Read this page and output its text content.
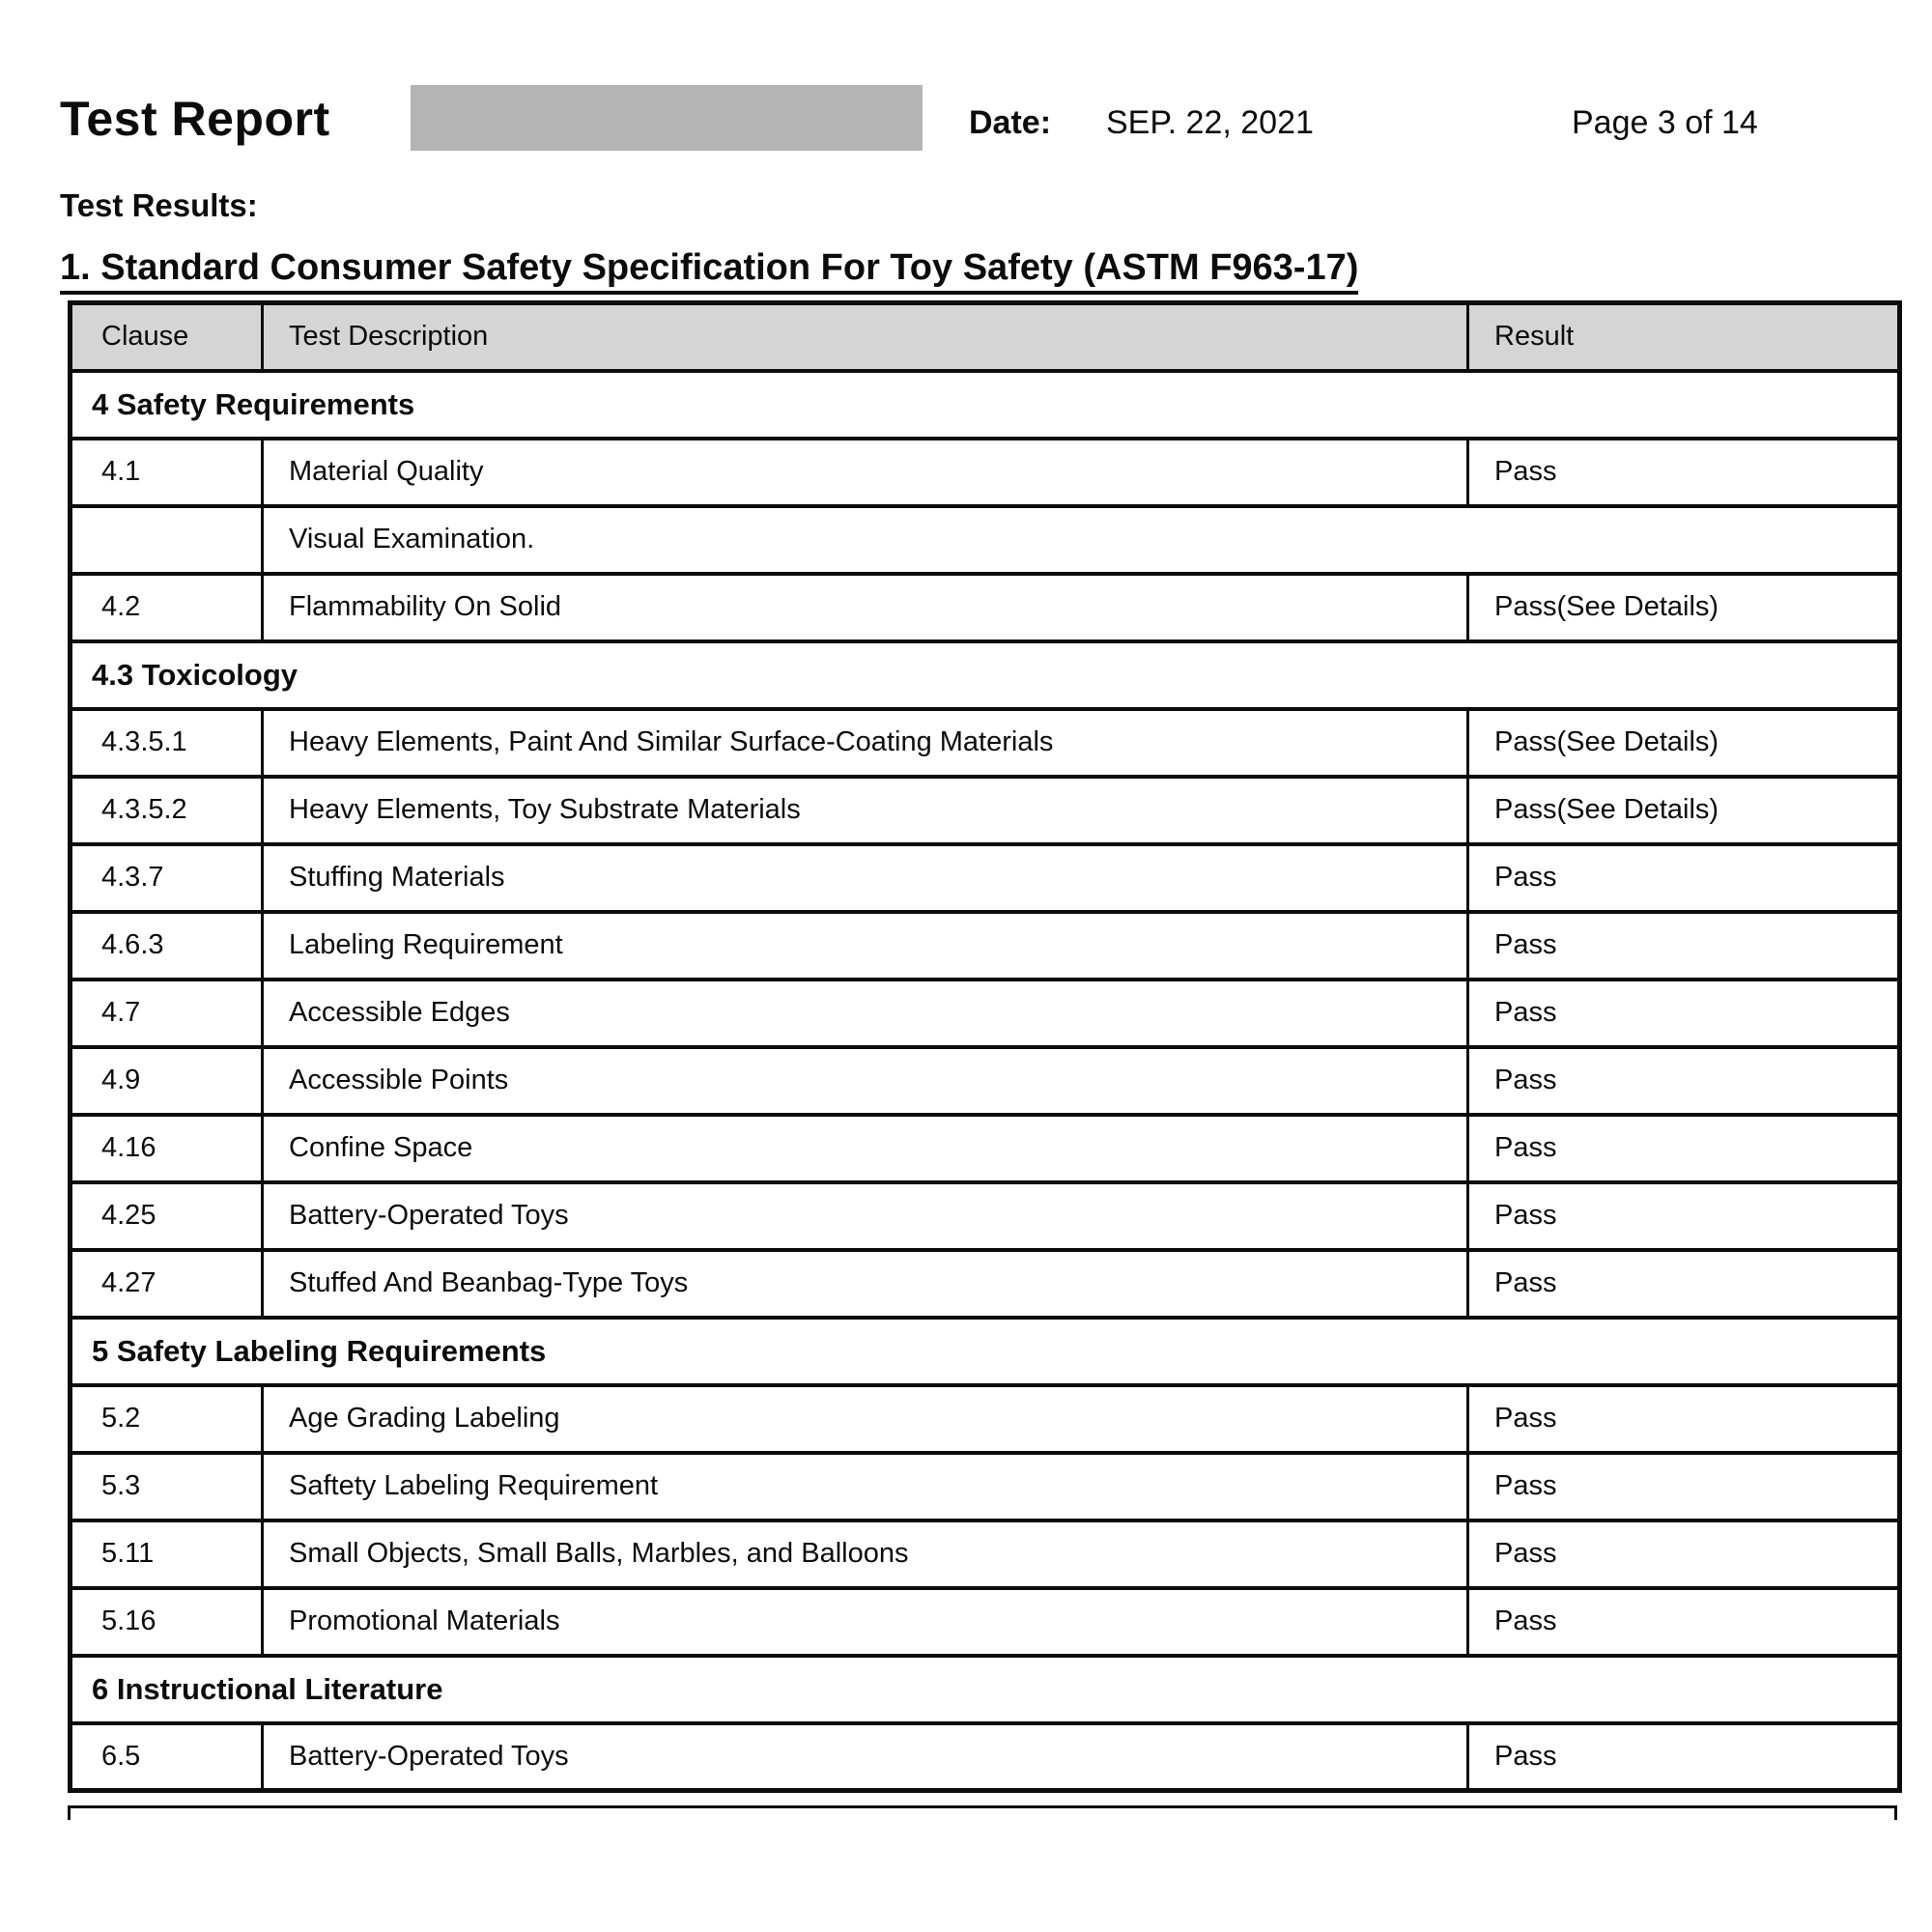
Test Report	Date: SEP. 22, 2021	Page 3 of 14
Test Results:
1. Standard Consumer Safety Specification For Toy Safety (ASTM F963-17)
Clause	Test Description	Result
4 Safety Requirements		
4.1	Material Quality	Pass
	Visual Examination.	
4.2	Flammability On Solid	Pass(See Details)
4.3 Toxicology		
4.3.5.1	Heavy Elements, Paint And Similar Surface-Coating Materials	Pass(See Details)
4.3.5.2	Heavy Elements, Toy Substrate Materials	Pass(See Details)
4.3.7	Stuffing Materials	Pass
4.6.3	Labeling Requirement	Pass
4.7	Accessible Edges	Pass
4.9	Accessible Points	Pass
4.16	Confine Space	Pass
4.25	Battery-Operated Toys	Pass
4.27	Stuffed And Beanbag-Type Toys	Pass
5 Safety Labeling Requirements		
5.2	Age Grading Labeling	Pass
5.3	Saftety Labeling Requirement	Pass
5.11	Small Objects, Small Balls, Marbles, and Balloons	Pass
5.16	Promotional Materials	Pass
6 Instructional Literature		
6.5	Battery-Operated Toys	Pass
